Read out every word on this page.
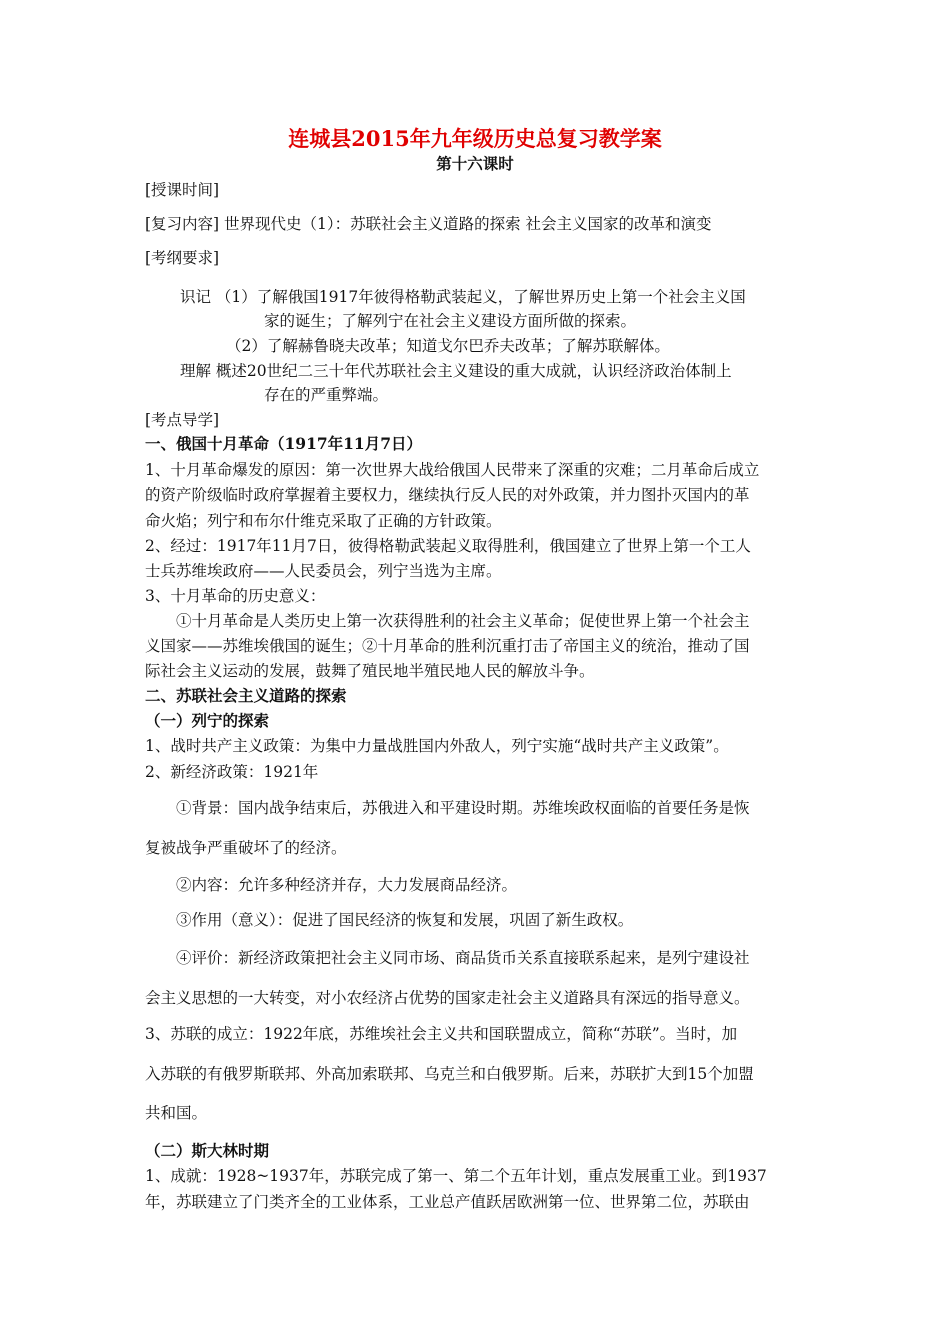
连城县2015年九年级历史总复习教学案
第十六课时
[授课时间]
[复习内容] 世界现代史（1）：苏联社会主义道路的探索 社会主义国家的改革和演变
[考纲要求]
识记 （1）了解俄国1917年彼得格勒武装起义，了解世界历史上第一个社会主义国
家的诞生；了解列宁在社会主义建设方面所做的探索。
（2）了解赫鲁晓夫改革；知道戈尔巴乔夫改革；了解苏联解体。
理解 概述20世纪二三十年代苏联社会主义建设的重大成就，认识经济政治体制上
存在的严重弊端。
[考点导学]
一、俄国十月革命（1917年11月7日）
1、十月革命爆发的原因：第一次世界大战给俄国人民带来了深重的灾难；二月革命后成立
的资产阶级临时政府掌握着主要权力，继续执行反人民的对外政策，并力图扑灭国内的革
命火焰；列宁和布尔什维克采取了正确的方针政策。
2、经过：1917年11月7日，彼得格勒武装起义取得胜利，俄国建立了世界上第一个工人
士兵苏维埃政府——人民委员会，列宁当选为主席。
3、十月革命的历史意义：
①十月革命是人类历史上第一次获得胜利的社会主义革命；促使世界上第一个社会主
义国家——苏维埃俄国的诞生；②十月革命的胜利沉重打击了帝国主义的统治，推动了国
际社会主义运动的发展，鼓舞了殖民地半殖民地人民的解放斗争。
二、苏联社会主义道路的探索
（一）列宁的探索
1、战时共产主义政策：为集中力量战胜国内外敌人，列宁实施“战时共产主义政策”。
2、新经济政策：1921年
①背景：国内战争结束后，苏俄进入和平建设时期。苏维埃政权面临的首要任务是恢
复被战争严重破坏了的经济。
②内容：允许多种经济并存，大力发展商品经济。
③作用（意义）：促进了国民经济的恢复和发展，巩固了新生政权。
④评价：新经济政策把社会主义同市场、商品货币关系直接联系起来，是列宁建设社
会主义思想的一大转变，对小农经济占优势的国家走社会主义道路具有深远的指导意义。
3、苏联的成立：1922年底，苏维埃社会主义共和国联盟成立，简称“苏联”。当时，加
入苏联的有俄罗斯联邦、外高加索联邦、乌克兰和白俄罗斯。后来，苏联扩大到15个加盟
共和国。
（二）斯大林时期
1、成就：1928~1937年，苏联完成了第一、第二个五年计划，重点发展重工业。到1937
年，苏联建立了门类齐全的工业体系，工业总产值跃居欧洲第一位、世界第二位，苏联由
